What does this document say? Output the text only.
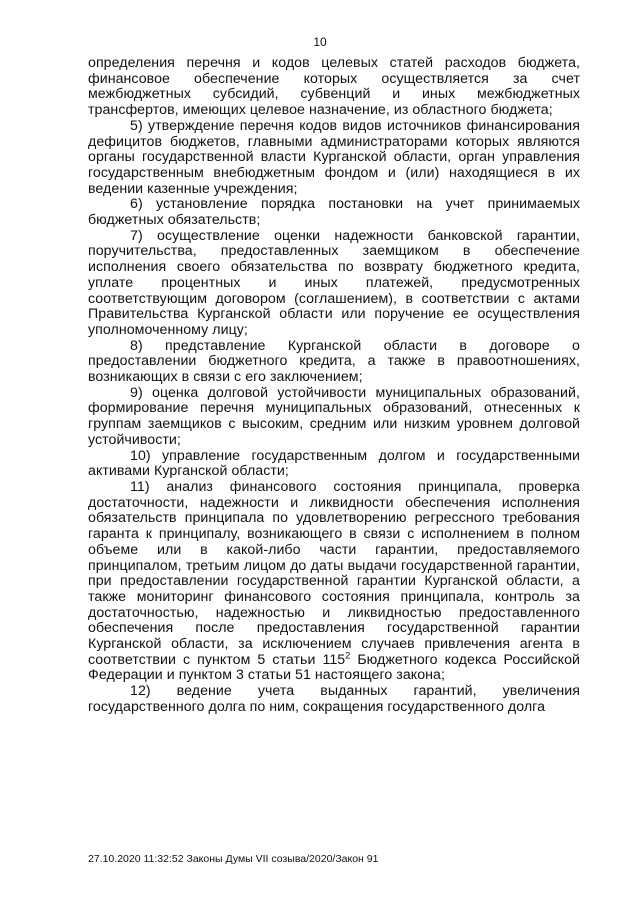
10

определения перечня и кодов целевых статей расходов бюджета, финансовое обеспечение которых осуществляется за счет межбюджетных субсидий, субвенций и иных межбюджетных трансфертов, имеющих целевое назначение, из областного бюджета;

5) утверждение перечня кодов видов источников финансирования дефицитов бюджетов, главными администраторами которых являются органы государственной власти Курганской области, орган управления государственным внебюджетным фондом и (или) находящиеся в их ведении казенные учреждения;

6) установление порядка постановки на учет принимаемых бюджетных обязательств;

7) осуществление оценки надежности банковской гарантии, поручительства, предоставленных заемщиком в обеспечение исполнения своего обязательства по возврату бюджетного кредита, уплате процентных и иных платежей, предусмотренных соответствующим договором (соглашением), в соответствии с актами Правительства Курганской области или поручение ее осуществления уполномоченному лицу;

8) представление Курганской области в договоре о предоставлении бюджетного кредита, а также в правоотношениях, возникающих в связи с его заключением;

9) оценка долговой устойчивости муниципальных образований, формирование перечня муниципальных образований, отнесенных к группам заемщиков с высоким, средним или низким уровнем долговой устойчивости;

10) управление государственным долгом и государственными активами Курганской области;

11) анализ финансового состояния принципала, проверка достаточности, надежности и ликвидности обеспечения исполнения обязательств принципала по удовлетворению регрессного требования гаранта к принципалу, возникающего в связи с исполнением в полном объеме или в какой-либо части гарантии, предоставляемого принципалом, третьим лицом до даты выдачи государственной гарантии, при предоставлении государственной гарантии Курганской области, а также мониторинг финансового состояния принципала, контроль за достаточностью, надежностью и ликвидностью предоставленного обеспечения после предоставления государственной гарантии Курганской области, за исключением случаев привлечения агента в соответствии с пунктом 5 статьи $115^2$ Бюджетного кодекса Российской Федерации и пунктом 3 статьи 51 настоящего закона;

12) ведение учета выданных гарантий, увеличения государственного долга по ним, сокращения государственного долга

27.10.2020 11:32:52 Законы Думы VII созыва/2020/Закон 91
